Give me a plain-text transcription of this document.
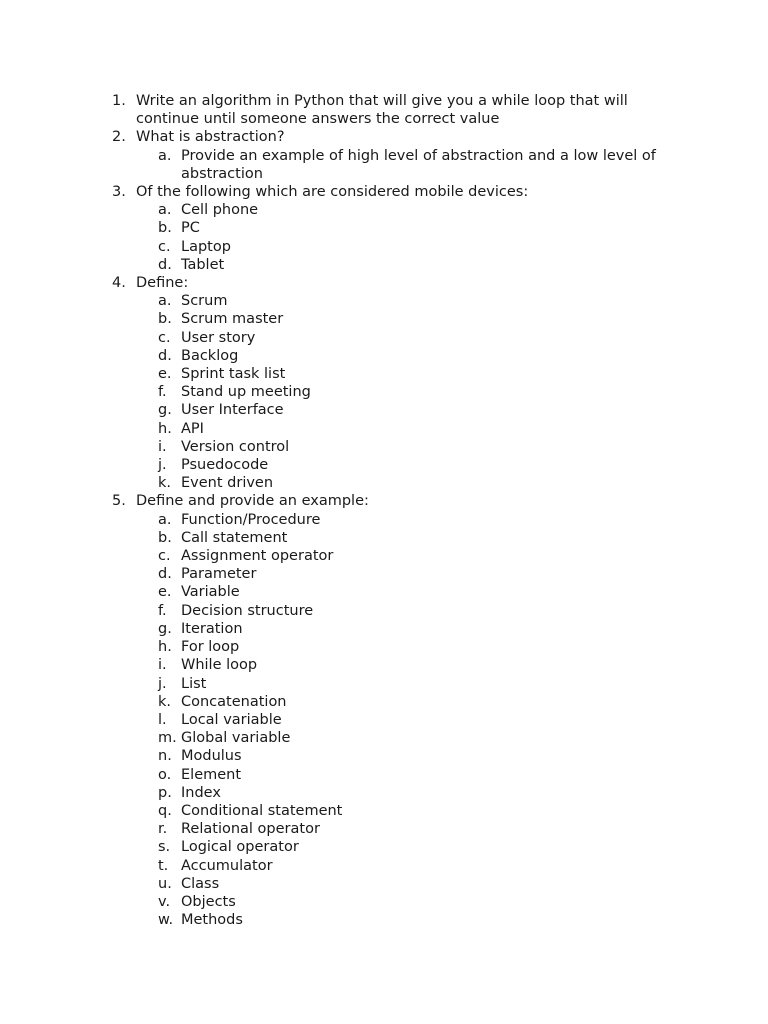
1. Write an algorithm in Python that will give you a while loop that will continue until someone answers the correct value
2. What is abstraction?
a. Provide an example of high level of abstraction and a low level of abstraction
3. Of the following which are considered mobile devices:
a. Cell phone
b. PC
c. Laptop
d. Tablet
4. Define:
a. Scrum
b. Scrum master
c. User story
d. Backlog
e. Sprint task list
f. Stand up meeting
g. User Interface
h. API
i. Version control
j. Psuedocode
k. Event driven
5. Define and provide an example:
a. Function/Procedure
b. Call statement
c. Assignment operator
d. Parameter
e. Variable
f. Decision structure
g. Iteration
h. For loop
i. While loop
j. List
k. Concatenation
l. Local variable
m. Global variable
n. Modulus
o. Element
p. Index
q. Conditional statement
r. Relational operator
s. Logical operator
t. Accumulator
u. Class
v. Objects
w. Methods
